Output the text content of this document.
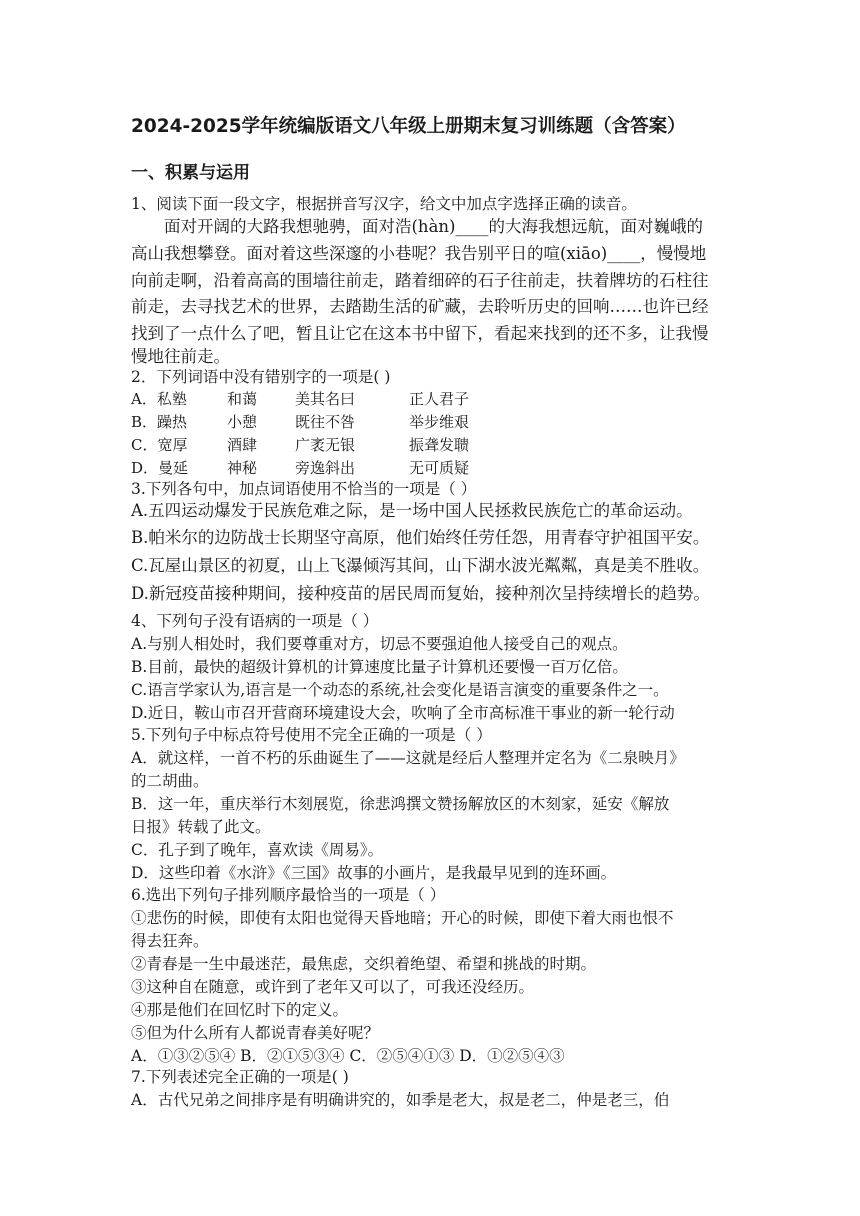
2024-2025学年统编版语文八年级上册期末复习训练题（含答案）
一、积累与运用
1、阅读下面一段文字，根据拼音写汉字，给文中加点字选择正确的读音。
面对开阔的大路我想驰骋，面对浩(hàn)____的大海我想远航，面对巍峨的
高山我想攀登。面对着这些深邃的小巷呢？我告别平日的喧(xiāo)____，慢慢地
向前走啊，沿着高高的围墙往前走，踏着细碎的石子往前走，扶着牌坊的石柱往
前走，去寻找艺术的世界，去踏勘生活的矿藏，去聆听历史的回响……也许已经
找到了一点什么了吧，暂且让它在这本书中留下，看起来找到的还不多，让我慢
慢地往前走。
2．下列词语中没有错别字的一项是( )
A．私塾	和蔼	美其名曰	正人君子
B．躁热	小憩	既往不咎	举步维艰
C．宽厚	酒肆	广袤无银	振聋发聩
D．曼延	神秘	旁逸斜出	无可质疑
3.下列各句中，加点词语使用不恰当的一项是（ ）
A.五四运动爆发于民族危难之际，是一场中国人民拯救民族危亡的革命运动。
B.帕米尔的边防战士长期坚守高原，他们始终任劳任怨，用青春守护祖国平安。
C.瓦屋山景区的初夏，山上飞瀑倾泻其间，山下湖水波光粼粼，真是美不胜收。
D.新冠疫苗接种期间，接种疫苗的居民周而复始，接种剂次呈持续增长的趋势。
4、下列句子没有语病的一项是（ ）
A.与别人相处时，我们要尊重对方，切忌不要强迫他人接受自己的观点。
B.目前，最快的超级计算机的计算速度比量子计算机还要慢一百万亿倍。
C.语言学家认为,语言是一个动态的系统,社会变化是语言演变的重要条件之一。
D.近日，鞍山市召开营商环境建设大会，吹响了全市高标准干事业的新一轮行动
5.下列句子中标点符号使用不完全正确的一项是（ ）
A．就这样，一首不朽的乐曲诞生了——这就是经后人整理并定名为《二泉映月》
的二胡曲。
B．这一年，重庆举行木刻展览，徐悲鸿撰文赞扬解放区的木刻家，延安《解放
日报》转载了此文。
C．孔子到了晚年，喜欢读《周易》。
D．这些印着《水浒》《三国》故事的小画片，是我最早见到的连环画。
6.选出下列句子排列顺序最恰当的一项是（ ）
①悲伤的时候，即使有太阳也觉得天昏地暗；开心的时候，即使下着大雨也恨不
得去狂奔。
②青春是一生中最迷茫，最焦虑，交织着绝望、希望和挑战的时期。
③这种自在随意，或许到了老年又可以了，可我还没经历。
④那是他们在回忆时下的定义。
⑤但为什么所有人都说青春美好呢？
A．①③②⑤④ B．②①⑤③④ C．②⑤④①③ D．①②⑤④③
7.下列表述完全正确的一项是( )
A．古代兄弟之间排序是有明确讲究的，如季是老大，叔是老二，仲是老三，伯
